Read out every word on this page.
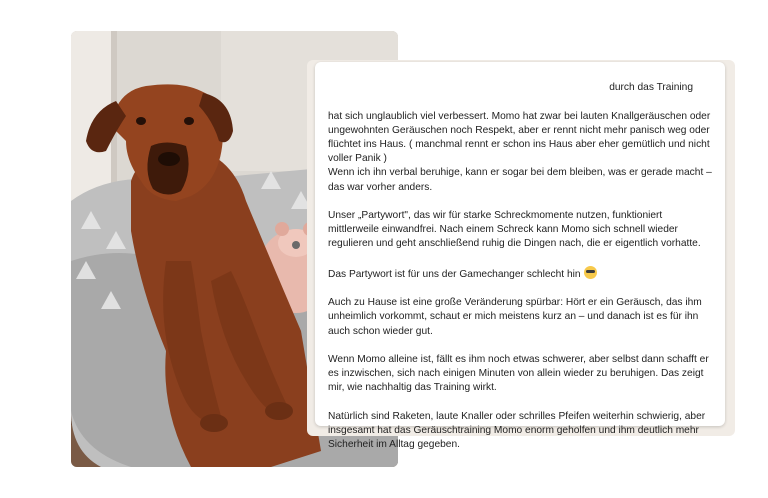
durch das Training

hat sich unglaublich viel verbessert. Momo hat zwar bei lauten Knallgeräuschen oder ungewohnten Geräuschen noch Respekt, aber er rennt nicht mehr panisch weg oder flüchtet ins Haus. ( manchmal rennt er schon ins Haus aber eher gemütlich und nicht voller Panik )
Wenn ich ihn verbal beruhige, kann er sogar bei dem bleiben, was er gerade macht – das war vorher anders.

Unser „Partywort", das wir für starke Schreckmomente nutzen, funktioniert mittlerweile einwandfrei. Nach einem Schreck kann Momo sich schnell wieder regulieren und geht anschließend ruhig die Dingen nach, die er eigentlich vorhatte.

Das Partywort ist für uns der Gamechanger schlecht hin

Auch zu Hause ist eine große Veränderung spürbar: Hört er ein Geräusch, das ihm unheimlich vorkommt, schaut er mich meistens kurz an – und danach ist es für ihn auch schon wieder gut.

Wenn Momo alleine ist, fällt es ihm noch etwas schwerer, aber selbst dann schafft er es inzwischen, sich nach einigen Minuten von allein wieder zu beruhigen. Das zeigt mir, wie nachhaltig das Training wirkt.

Natürlich sind Raketen, laute Knaller oder schrilles Pfeifen weiterhin schwierig, aber insgesamt hat das Geräuschtraining Momo enorm geholfen und ihm deutlich mehr Sicherheit im Alltag gegeben.
